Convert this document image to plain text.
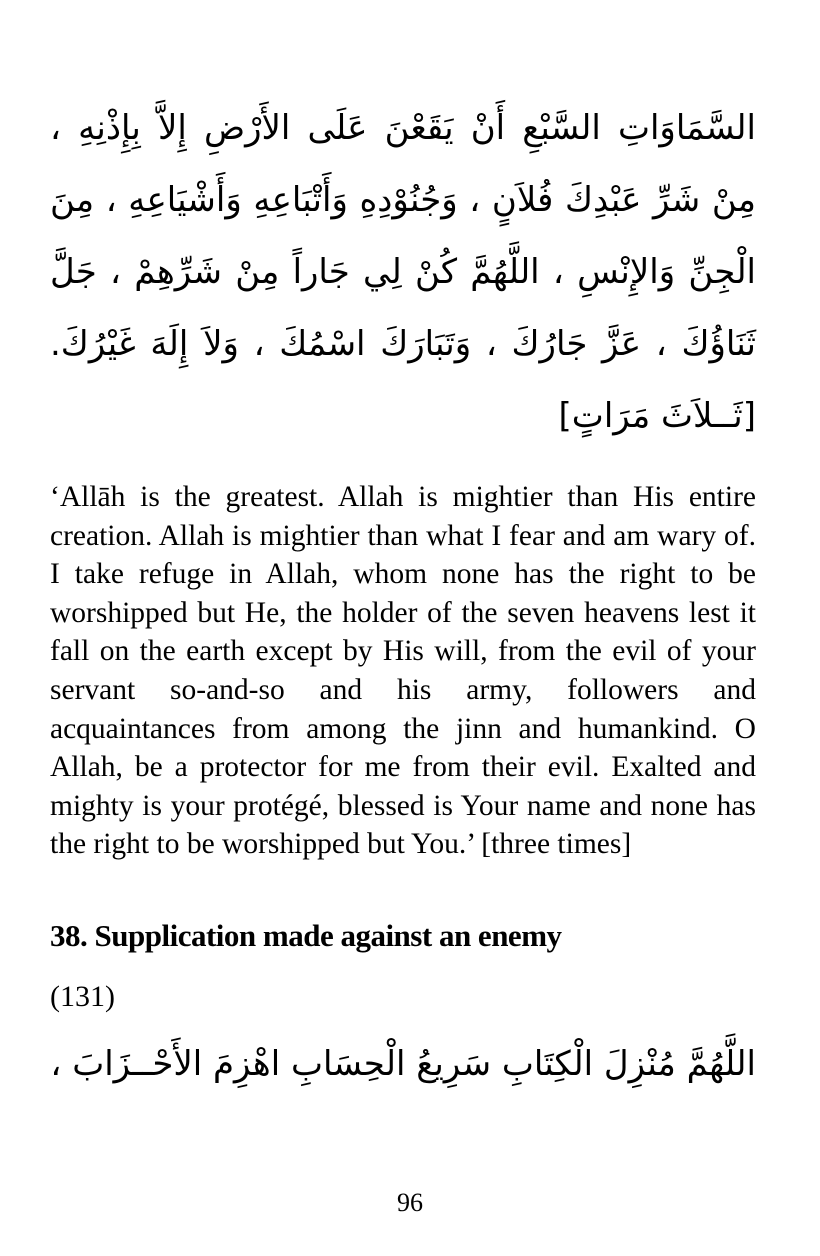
السَّمَاوَاتِ السَّبْعِ أَنْ يَقَعْنَ عَلَى الأَرْضِ إِلاَّ بِإِذْنِهِ ، مِنْ شَرِّ عَبْدِكَ فُلاَنٍ ، وَجُنُوْدِهِ وَأَتْبَاعِهِ وَأَشْيَاعِهِ ، مِنَ الْجِنِّ وَالإِنْسِ ، اللَّهُمَّ كُنْ لِي جَاراً مِنْ شَرِّهِمْ ، جَلَّ ثَنَاؤُكَ ، عَزَّ جَارُكَ ، وَتَبَارَكَ اسْمُكَ ، وَلاَ إِلَهَ غَيْرُكَ. [ثَــلاَثَ مَرَاتٍ]

‘Allāh is the greatest. Allah is mightier than His entire creation. Allah is mightier than what I fear and am wary of. I take refuge in Allah, whom none has the right to be worshipped but He, the holder of the seven heavens lest it fall on the earth except by His will, from the evil of your servant so-and-so and his army, followers and acquaintances from among the jinn and humankind. O Allah, be a protector for me from their evil. Exalted and mighty is your protégé, blessed is Your name and none has the right to be worshipped but You.’ [three times]

38. Supplication made against an enemy

(131)

اللَّهُمَّ مُنْزِلَ الْكِتَابِ سَرِيعُ الْحِسَابِ اهْزِمَ الأَحْــزَابَ ،

96
